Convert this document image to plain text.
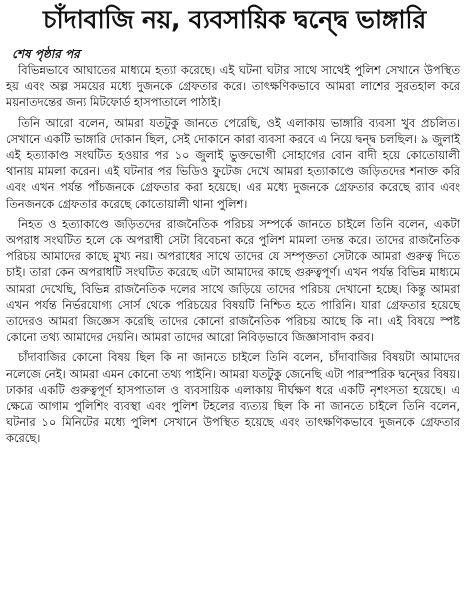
চাঁদাবাজি নয়, ব্যবসায়িক দ্বন্দ্বে ভাঙ্গারি
শেষ পৃষ্ঠার পর

বিভিন্নভাবে আঘাতের মাধ্যমে হত্যা করেছে। এই ঘটনা ঘটার সাথে সাথেই পুলিশ সেখানে উপস্থিত হয় এবং অল্প সময়ের মধ্যে দুজনকে গ্রেফতার করে। তাৎক্ষণিকভাবে আমরা লাশের সুরতহাল করে ময়নাতদন্তের জন্য মিটফোর্ড হাসপাতালে পাঠাই।

তিনি আরো বলেন, আমরা যতটুকু জানতে পেরেছি, ওই এলাকায় ভাঙ্গারি ব্যবসা খুব প্রচলিত। সেখানে একটি ভাঙ্গারি দোকান ছিল, সেই দোকানে কারা ব্যবসা করবে এ নিয়ে দ্বন্দ্ব চলছিল। ৯ জুলাই এই হত্যাকাণ্ড সংঘটিত হওয়ার পর ১০ জুলাই ভুক্তভোগী সোহাগের বোন বাদী হয়ে কোতোয়ালী থানায় মামলা করেন। এই ঘটনার পর ভিডিও ফুটেজ দেখে আমরা হত্যাকাণ্ডে জড়িতদের শনাক্ত করি এবং এখন পর্যন্ত পাঁচজনকে গ্রেফতার করা হয়েছে। এর মধ্যে দুজনকে গ্রেফতার করেছে র‍্যাব এবং তিনজনকে গ্রেফতার করেছে কোতোয়ালী থানা পুলিশ।

নিহত ও হত্যাকাণ্ডে জড়িতদের রাজনৈতিক পরিচয় সম্পর্কে জানতে চাইলে তিনি বলেন, একটা অপরাধ সংঘটিত হলে কে অপরাধী সেটা বিবেচনা করে পুলিশ মামলা তদন্ত করে। তাদের রাজনৈতিক পরিচয় আমাদের কাছে মুখ্য নয়। অপরাধের সাথে তাদের যে সম্পৃক্ততা সেটাকে আমরা গুরুত্ব দিতে চাই। তারা কেন অপরাধটি সংঘটিত করেছে এটা আমাদের কাছে গুরুত্বপূর্ণ। এখন পর্যন্ত বিভিন্ন মাধ্যমে আমরা দেখেছি, বিভিন্ন রাজনৈতিক দলের সাথে জড়িয়ে তাদের পরিচয় দেখানো হচ্ছে। কিন্তু আমরা এখন পর্যন্ত নির্ভরযোগ্য সোর্স থেকে পরিচয়ের বিষয়টি নিশ্চিত হতে পারিনি। যারা গ্রেফতার হয়েছে তাদেরও আমরা জিজ্ঞেস করেছি তাদের কোনো রাজনৈতিক পরিচয় আছে কি না। এই বিষয়ে স্পষ্ট কোনো তথ্য আমাদের দেয়নি। আমরা তাদের আরো নিবিড়ভাবে জিজ্ঞাসাবাদ করব।

চাঁদাবাজির কোনো বিষয় ছিল কি না জানতে চাইলে তিনি বলেন, চাঁদাবাজির বিষয়টা আমাদের নলেজে নেই। আমরা এমন কোনো তথ্য পাইনি। আমরা যতটুকু জেনেছি এটা পারস্পরিক দ্বন্দ্বের বিষয়। ঢাকার একটি গুরুত্বপূর্ণ হাসপাতাল ও ব্যবসায়িক এলাকায় দীর্ঘক্ষণ ধরে একটি নৃশংসতা হয়েছে। এ ক্ষেত্রে আগাম পুলিশিং ব্যবস্থা এবং পুলিশ টহলের ব্যত্যয় ছিল কি না জানতে চাইলে তিনি বলেন, ঘটনার ১০ মিনিটের মধ্যে পুলিশ সেখানে উপস্থিত হয়েছে এবং তাৎক্ষণিকভাবে দুজনকে গ্রেফতার করেছে।
